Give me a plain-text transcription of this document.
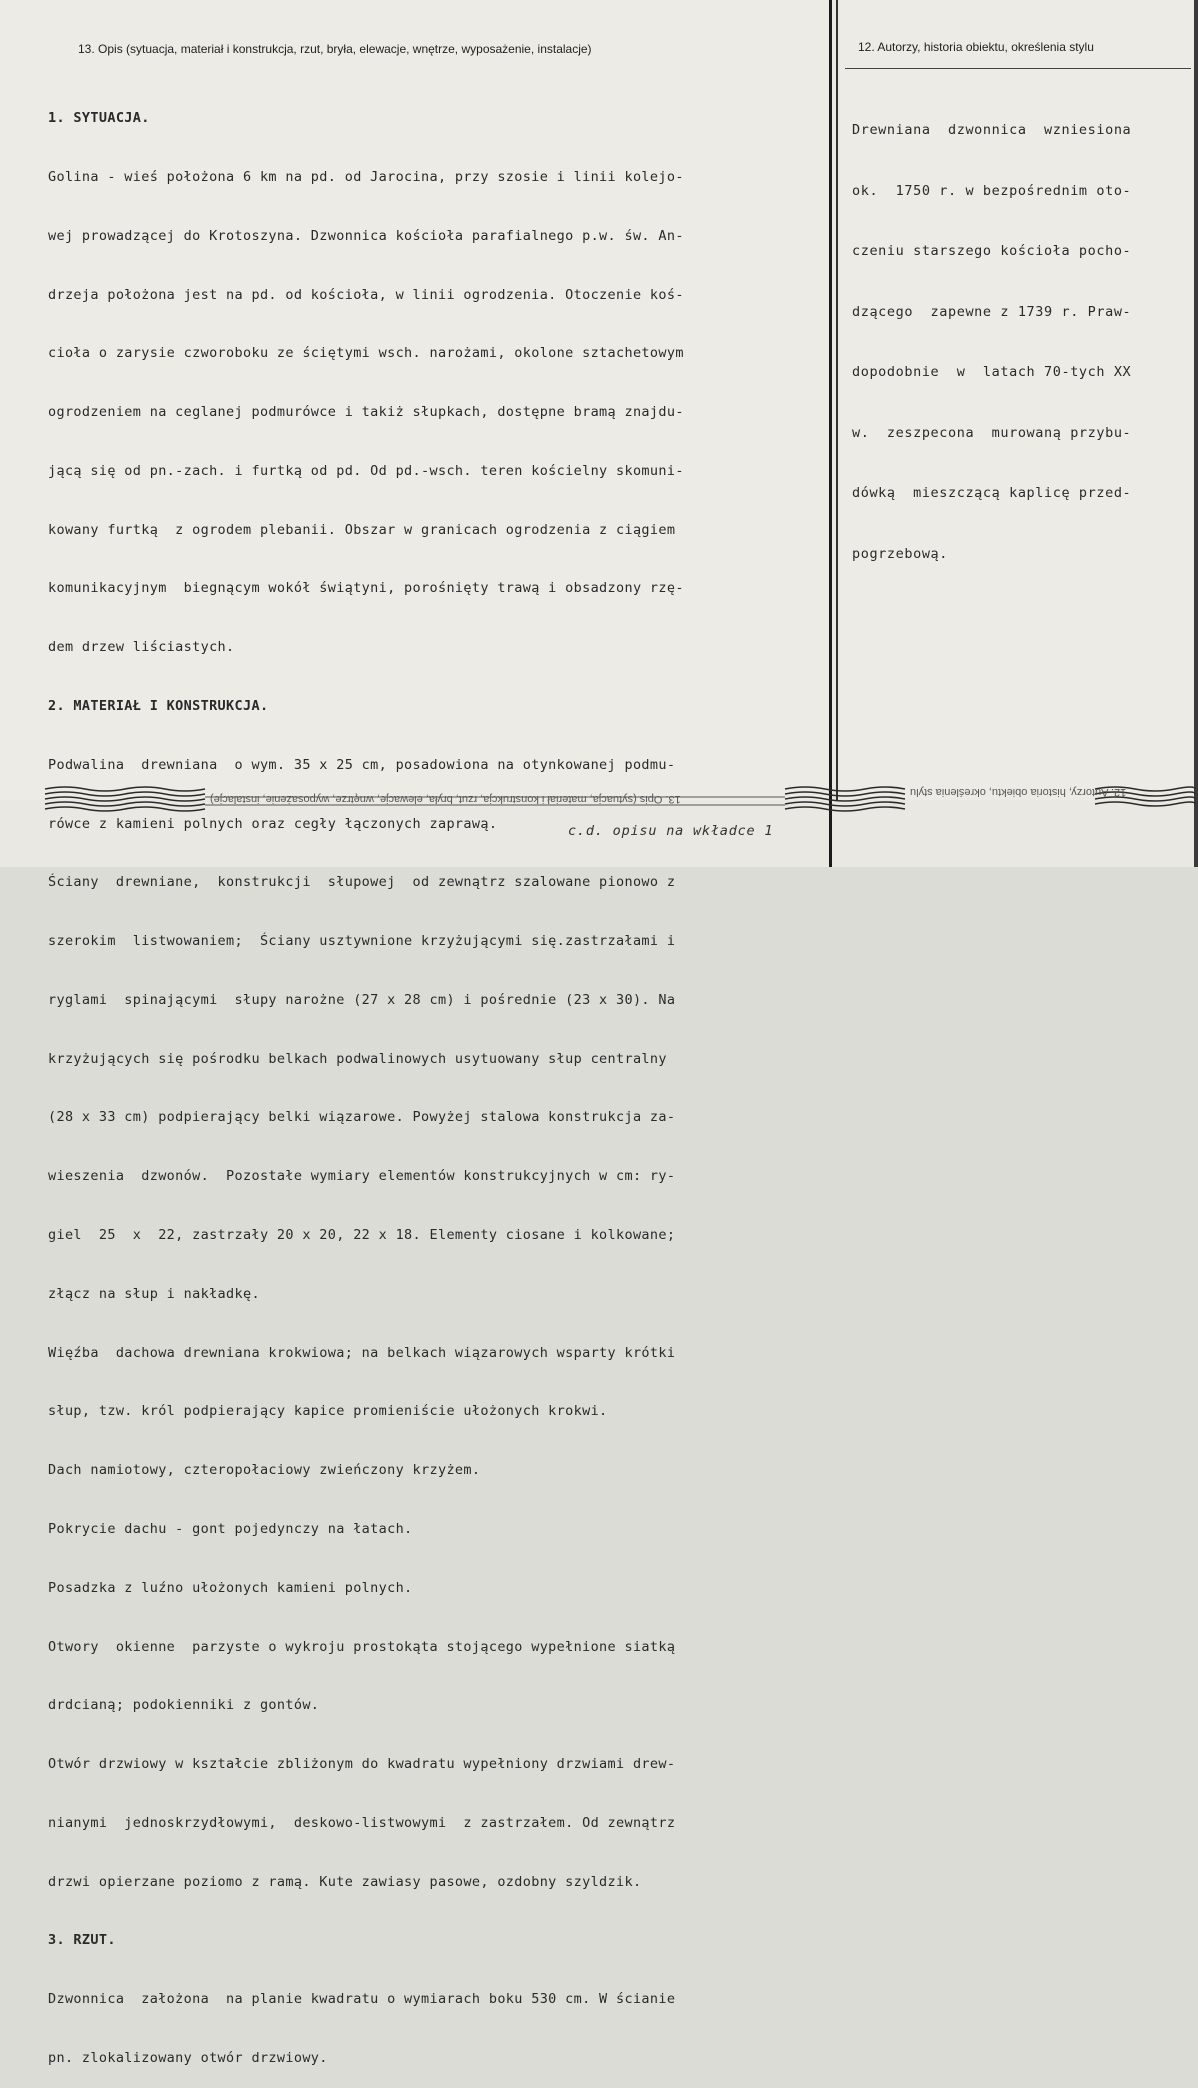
13. Opis (sytuacja, materiał i konstrukcja, rzut, bryła, elewacje, wnętrze, wyposażenie, instalacje)	12. Autorzy, historia obiektu, określenia stylu

1. SYTUACJA.

Golina - wieś położona 6 km na pd. od Jarocina, przy szosie i linii kolejo-

wej prowadzącej do Krotoszyna. Dzwonnica kościoła parafialnego p.w. św. An-

drzeja położona jest na pd. od kościoła, w linii ogrodzenia. Otoczenie koś-

cioła o zarysie czworoboku ze ściętymi wsch. narożami, okolone sztachetowym

ogrodzeniem na ceglanej podmurówce i takiż słupkach, dostępne bramą znajdu-

jącą się od pn.-zach. i furtką od pd. Od pd.-wsch. teren kościelny skomuni-

kowany furtką  z ogrodem plebanii. Obszar w granicach ogrodzenia z ciągiem

komunikacyjnym  biegnącym wokół świątyni, porośnięty trawą i obsadzony rzę-

dem drzew liściastych.

2. MATERIAŁ I KONSTRUKCJA.

Podwalina  drewniana  o wym. 35 x 25 cm, posadowiona na otynkowanej podmu-

rówce z kamieni polnych oraz cegły łączonych zaprawą.

Ściany  drewniane,  konstrukcji  słupowej  od zewnątrz szalowane pionowo z

szerokim  listwowaniem;  Ściany usztywnione krzyżującymi się.zastrzałami i

ryglami  spinającymi  słupy narożne (27 x 28 cm) i pośrednie (23 x 30). Na

krzyżujących się pośrodku belkach podwalinowych usytuowany słup centralny

(28 x 33 cm) podpierający belki wiązarowe. Powyżej stalowa konstrukcja za-

wieszenia  dzwonów.  Pozostałe wymiary elementów konstrukcyjnych w cm: ry-

giel  25  x  22, zastrzały 20 x 20, 22 x 18. Elementy ciosane i kolkowane;

złącz na słup i nakładkę.

Więźba  dachowa drewniana krokwiowa; na belkach wiązarowych wsparty krótki

słup, tzw. król podpierający kapice promieniście ułożonych krokwi.

Dach namiotowy, czteropołaciowy zwieńczony krzyżem.

Pokrycie dachu - gont pojedynczy na łatach.

Posadzka z luźno ułożonych kamieni polnych.

Otwory  okienne  parzyste o wykroju prostokąta stojącego wypełnione siatką

drdcianą; podokienniki z gontów.

Otwór drzwiowy w kształcie zbliżonym do kwadratu wypełniony drzwiami drew-

nianymi  jednoskrzydłowymi,  deskowo-listwowymi  z zastrzałem. Od zewnątrz

drzwi opierzane poziomo z ramą. Kute zawiasy pasowe, ozdobny szyldzik.

3. RZUT.

Dzwonnica  założona  na planie kwadratu o wymiarach boku 530 cm. W ścianie

pn. zlokalizowany otwór drzwiowy.

Drewniana  dzwonnica  wzniesiona

ok.  1750 r. w bezpośrednim oto-

czeniu starszego kościoła pocho-

dzącego  zapewne z 1739 r. Praw-

dopodobnie  w  latach 70-tych XX

w.  zeszpecona  murowaną przybu-

dówką  mieszczącą kaplicę przed-

pogrzebową.

13. Opis (sytuacja, materiał i konstrukcja, rzut, bryła, elewacje, wnętrze, wyposażenie, instalacje)
12. Autorzy, historia obiektu, określenia stylu
c.d. opisu na wkładce 1
